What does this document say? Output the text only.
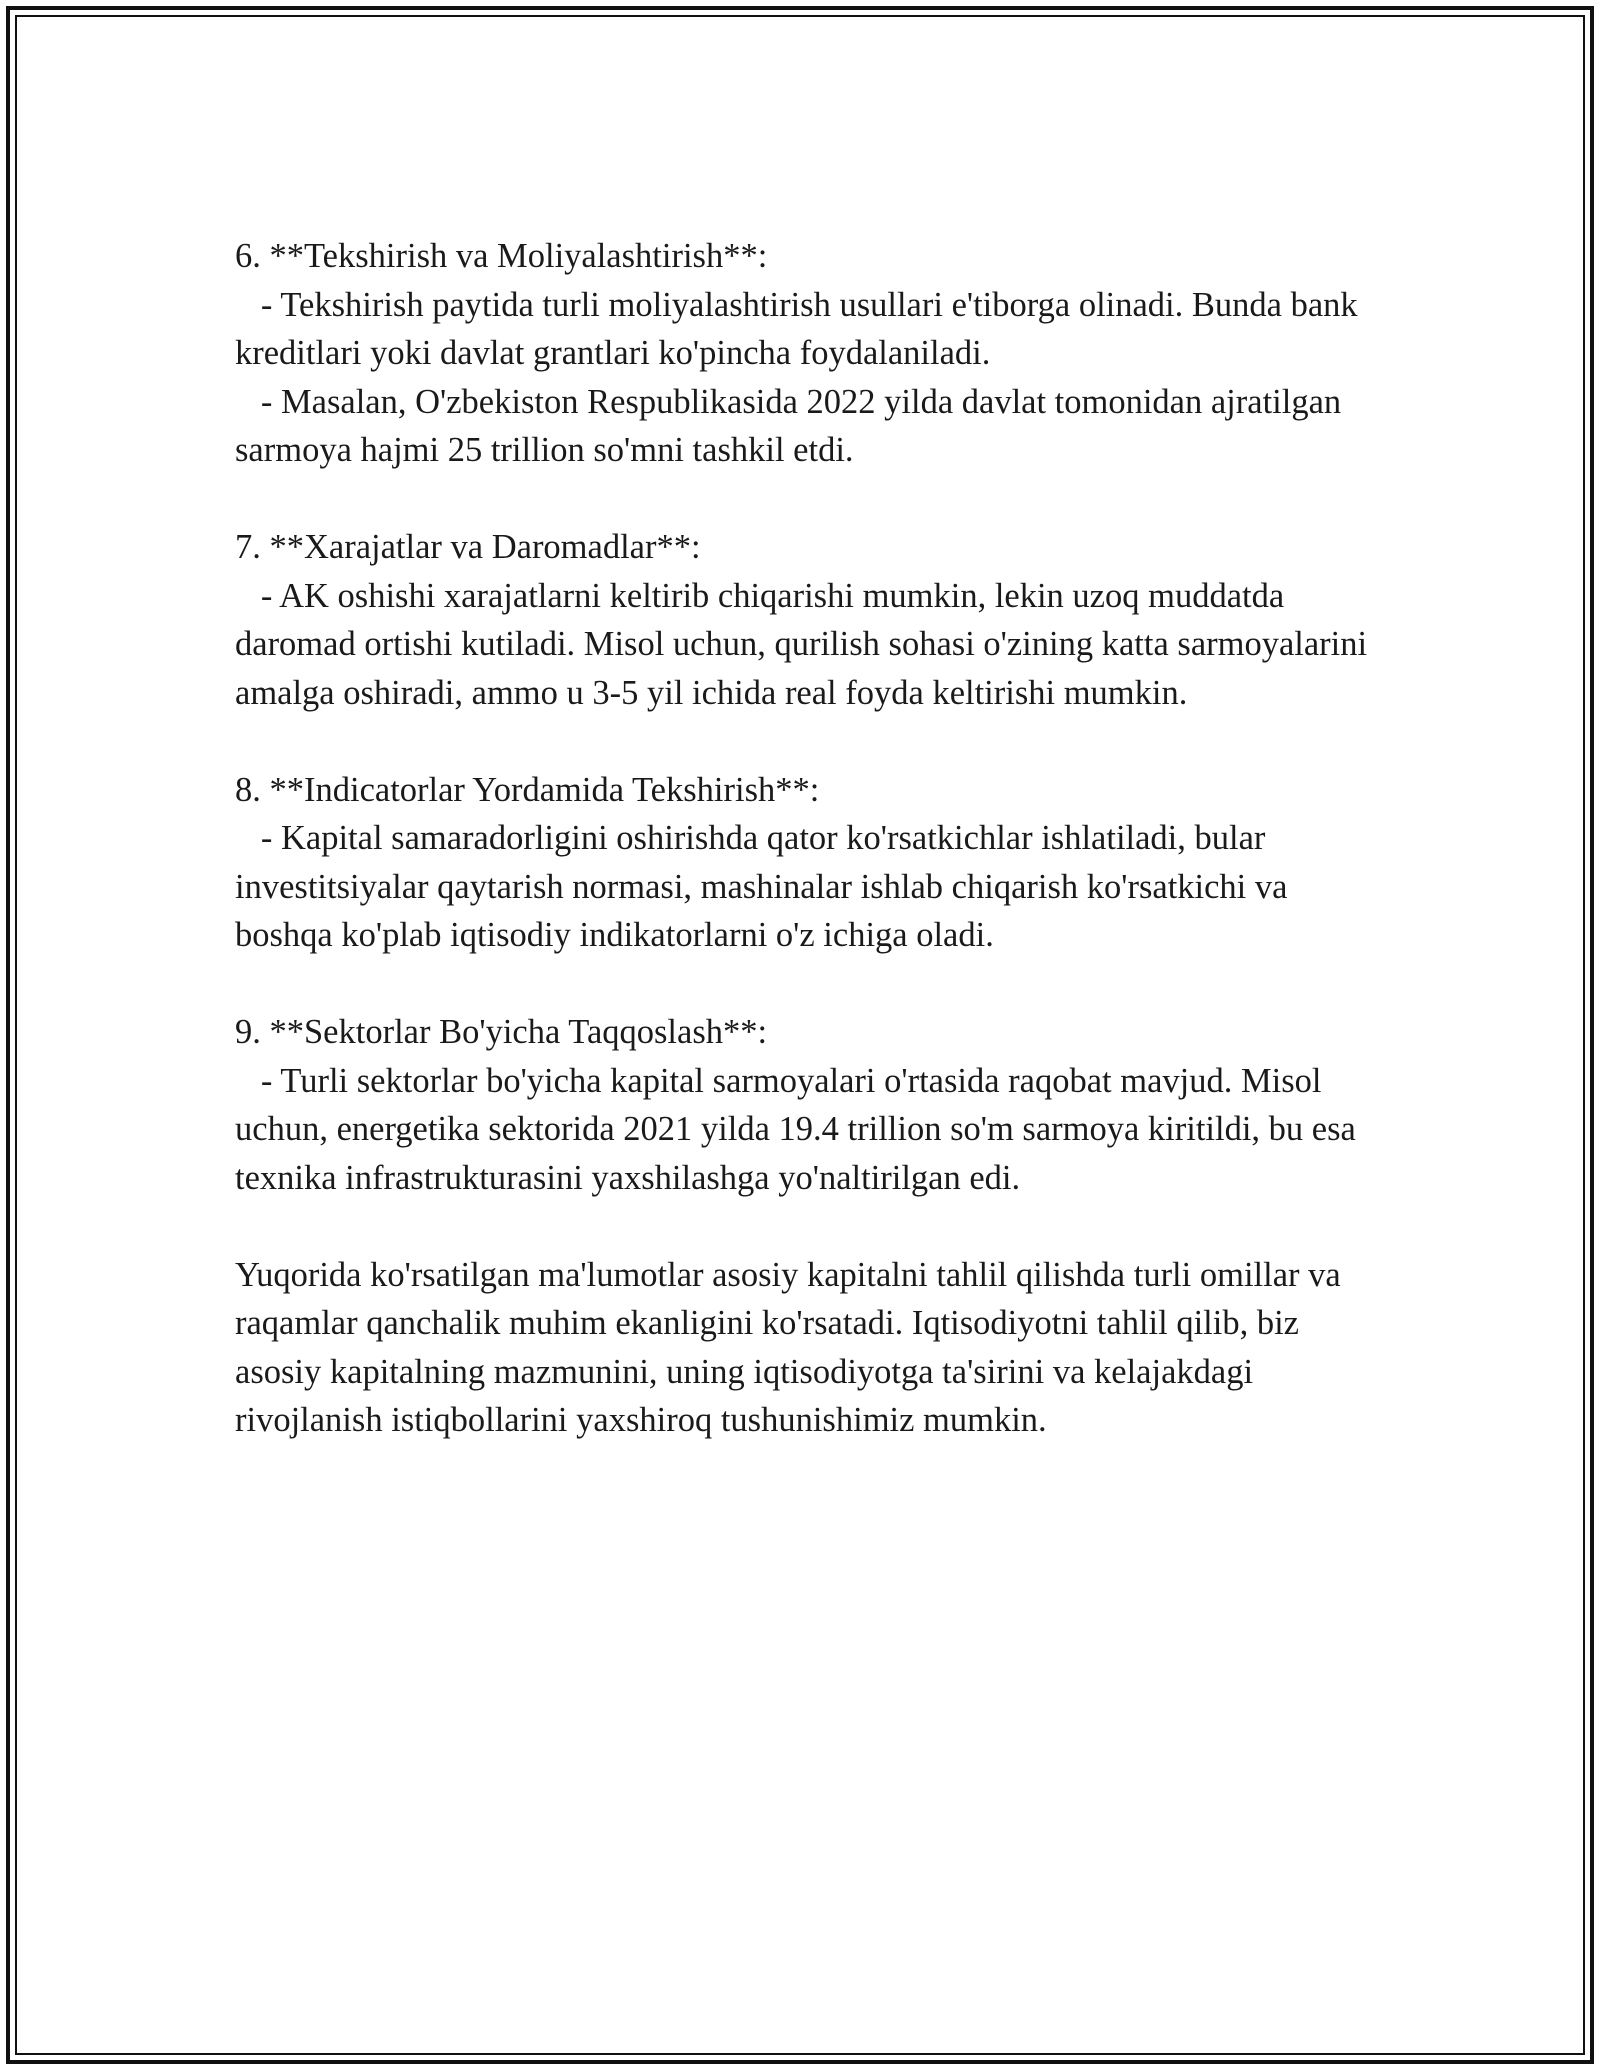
6. **Tekshirish va Moliyalashtirish**:
- Tekshirish paytida turli moliyalashtirish usullari e'tiborga olinadi. Bunda bank kreditlari yoki davlat grantlari ko'pincha foydalaniladi.
- Masalan, O'zbekiston Respublikasida 2022 yilda davlat tomonidan ajratilgan sarmoya hajmi 25 trillion so'mni tashkil etdi.
7. **Xarajatlar va Daromadlar**:
- AK oshishi xarajatlarni keltirib chiqarishi mumkin, lekin uzoq muddatda daromad ortishi kutiladi. Misol uchun, qurilish sohasi o'zining katta sarmoyalarini amalga oshiradi, ammo u 3-5 yil ichida real foyda keltirishi mumkin.
8. **Indicatorlar Yordamida Tekshirish**:
- Kapital samaradorligini oshirishda qator ko'rsatkichlar ishlatiladi, bular investitsiyalar qaytarish normasi, mashinalar ishlab chiqarish ko'rsatkichi va boshqa ko'plab iqtisodiy indikatorlarni o'z ichiga oladi.
9. **Sektorlar Bo'yicha Taqqoslash**:
- Turli sektorlar bo'yicha kapital sarmoyalari o'rtasida raqobat mavjud. Misol uchun, energetika sektorida 2021 yilda 19.4 trillion so'm sarmoya kiritildi, bu esa texnika infrastrukturasini yaxshilashga yo'naltirilgan edi.
Yuqorida ko'rsatilgan ma'lumotlar asosiy kapitalni tahlil qilishda turli omillar va raqamlar qanchalik muhim ekanligini ko'rsatadi. Iqtisodiyotni tahlil qilib, biz asosiy kapitalning mazmunini, uning iqtisodiyotga ta'sirini va kelajakdagi rivojlanish istiqbollarini yaxshiroq tushunishimiz mumkin.
